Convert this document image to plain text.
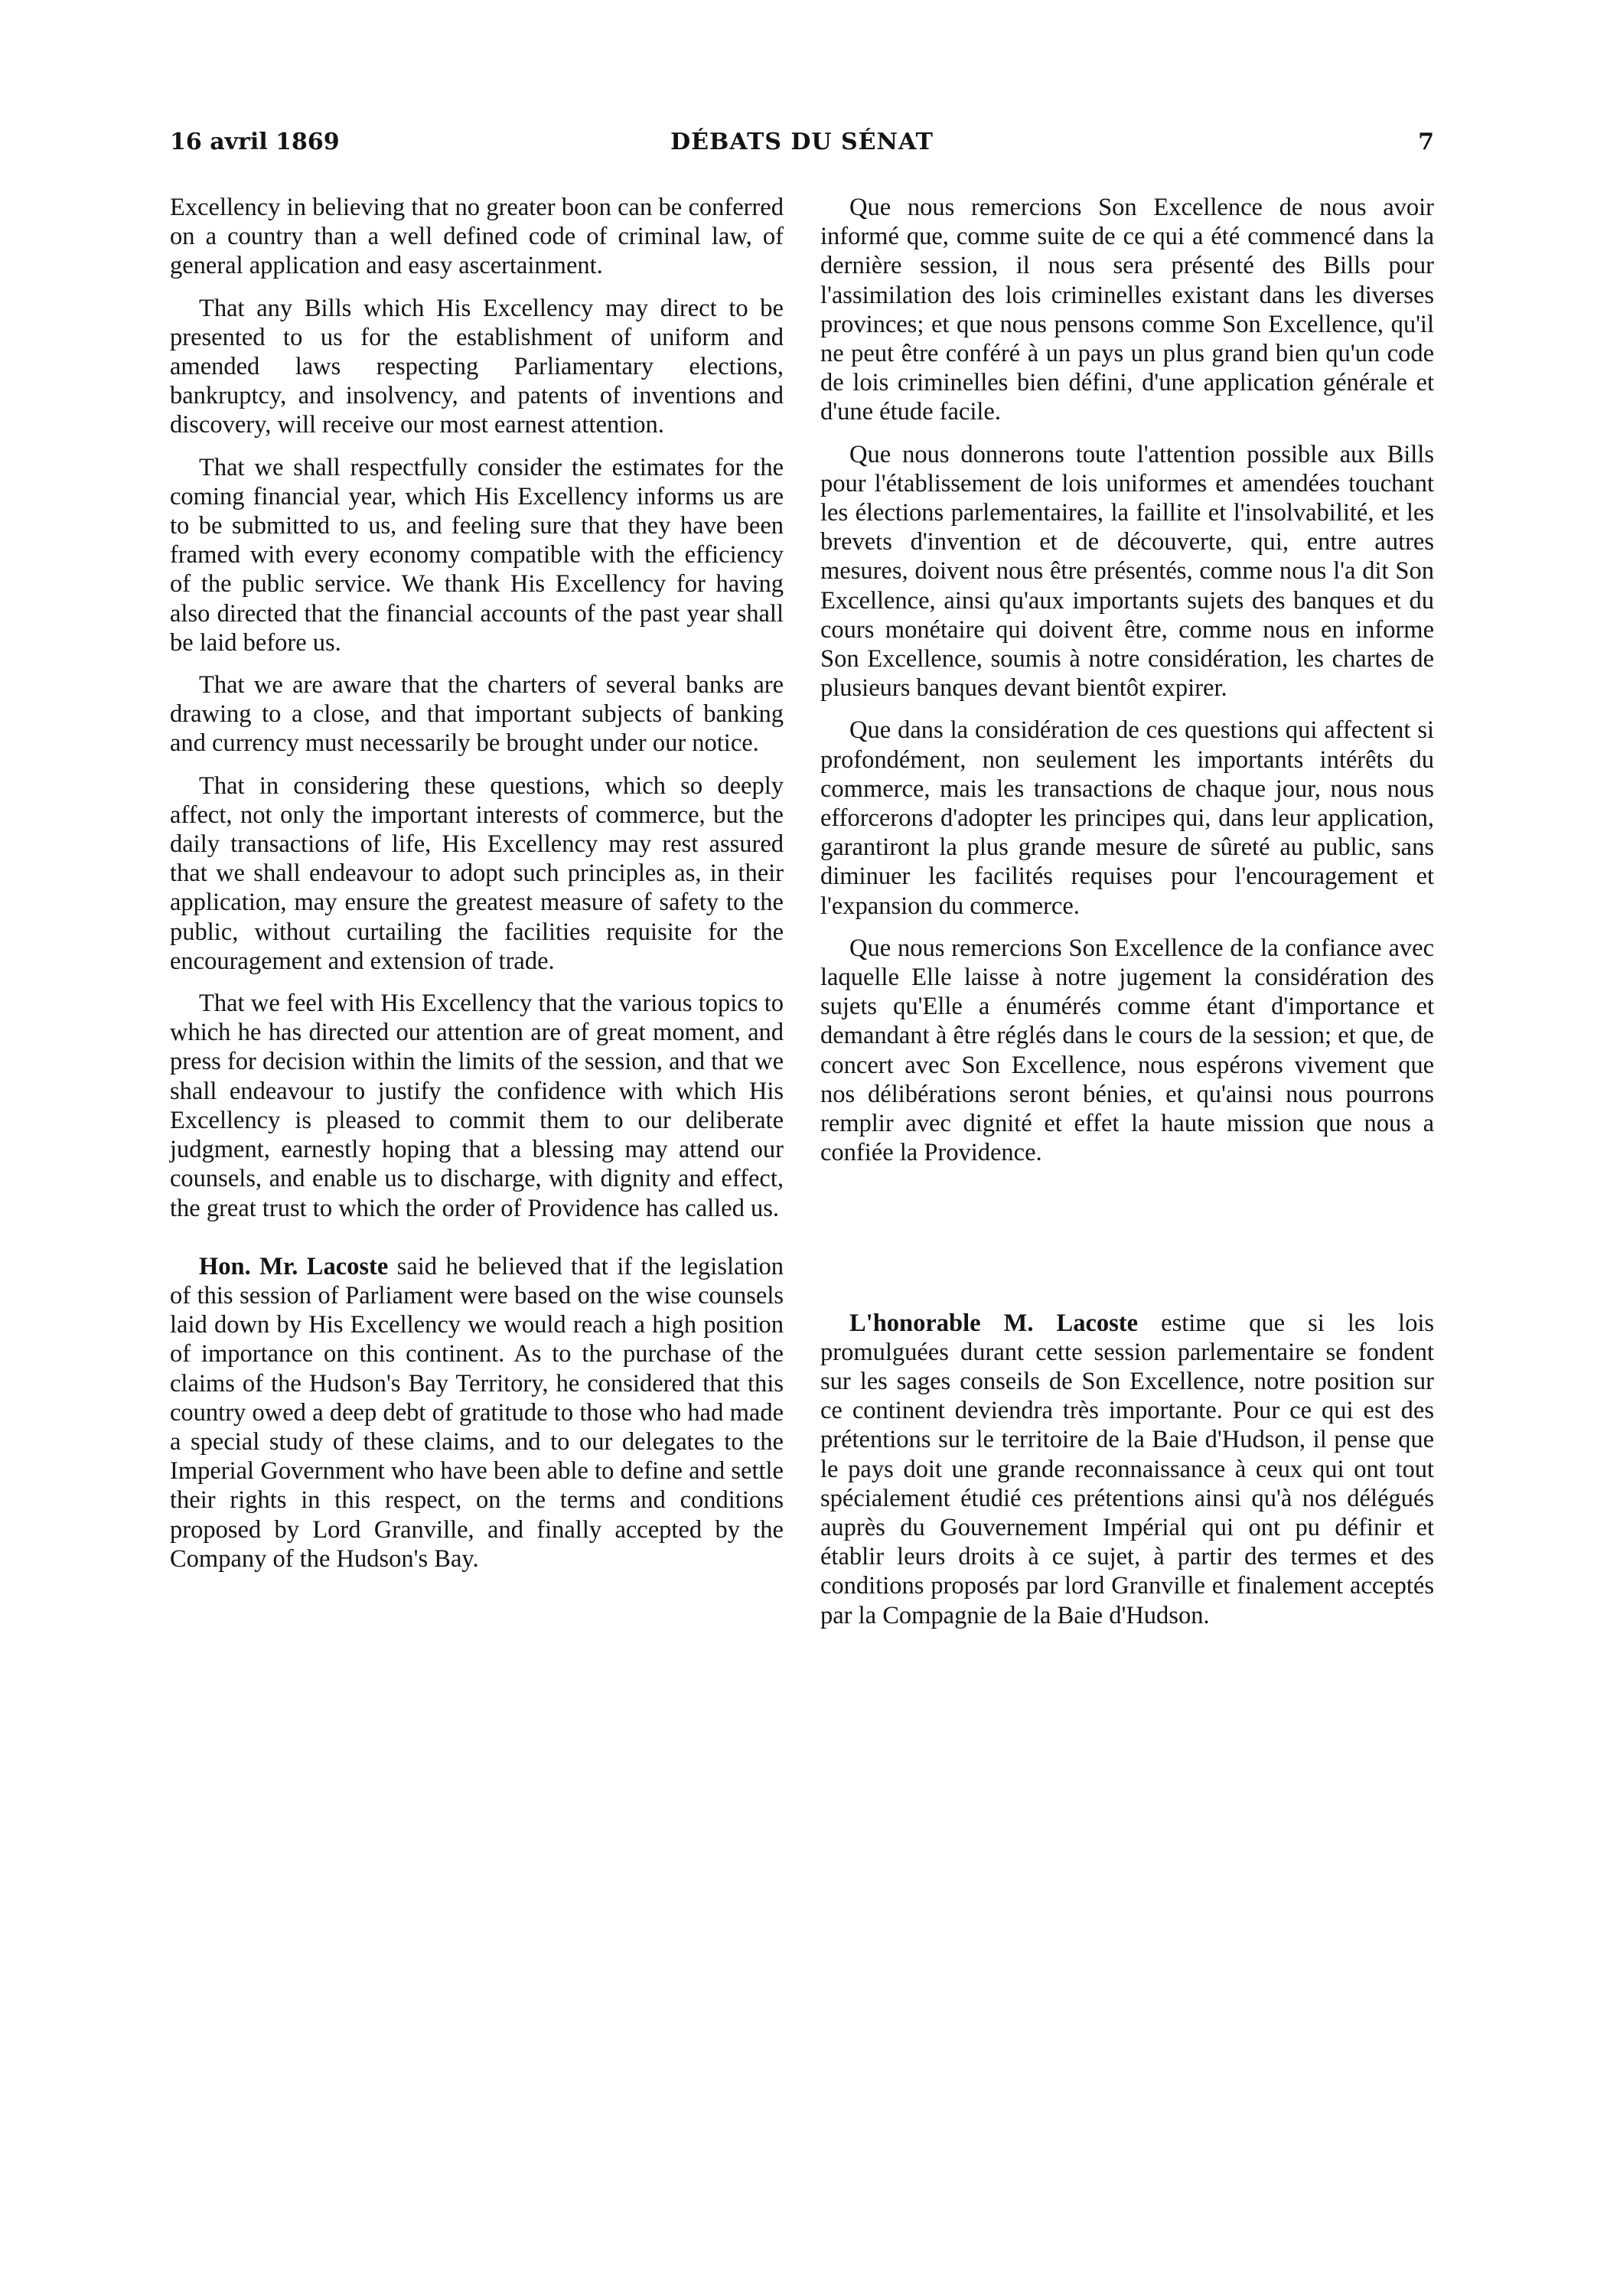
16 avril 1869	DÉBATS DU SÉNAT	7

Excellency in believing that no greater boon can be conferred on a country than a well defined code of criminal law, of general application and easy ascertainment.

That any Bills which His Excellency may direct to be presented to us for the establishment of uniform and amended laws respecting Parliamentary elections, bankruptcy, and insolvency, and patents of inventions and discovery, will receive our most earnest attention.

That we shall respectfully consider the estimates for the coming financial year, which His Excellency informs us are to be submitted to us, and feeling sure that they have been framed with every economy compatible with the efficiency of the public service. We thank His Excellency for having also directed that the financial accounts of the past year shall be laid before us.

That we are aware that the charters of several banks are drawing to a close, and that important subjects of banking and currency must necessarily be brought under our notice.

That in considering these questions, which so deeply affect, not only the important interests of commerce, but the daily transactions of life, His Excellency may rest assured that we shall endeavour to adopt such principles as, in their application, may ensure the greatest measure of safety to the public, without curtailing the facilities requisite for the encouragement and extension of trade.

That we feel with His Excellency that the various topics to which he has directed our attention are of great moment, and press for decision within the limits of the session, and that we shall endeavour to justify the confidence with which His Excellency is pleased to commit them to our deliberate judgment, earnestly hoping that a blessing may attend our counsels, and enable us to discharge, with dignity and effect, the great trust to which the order of Providence has called us.

Hon. Mr. Lacoste said he believed that if the legislation of this session of Parliament were based on the wise counsels laid down by His Excellency we would reach a high position of importance on this continent. As to the purchase of the claims of the Hudson's Bay Territory, he considered that this country owed a deep debt of gratitude to those who had made a special study of these claims, and to our delegates to the Imperial Government who have been able to define and settle their rights in this respect, on the terms and conditions proposed by Lord Granville, and finally accepted by the Company of the Hudson's Bay.

Que nous remercions Son Excellence de nous avoir informé que, comme suite de ce qui a été commencé dans la dernière session, il nous sera présenté des Bills pour l'assimilation des lois criminelles existant dans les diverses provinces; et que nous pensons comme Son Excellence, qu'il ne peut être conféré à un pays un plus grand bien qu'un code de lois criminelles bien défini, d'une application générale et d'une étude facile.

Que nous donnerons toute l'attention possible aux Bills pour l'établissement de lois uniformes et amendées touchant les élections parlementaires, la faillite et l'insolvabilité, et les brevets d'invention et de découverte, qui, entre autres mesures, doivent nous être présentés, comme nous l'a dit Son Excellence, ainsi qu'aux importants sujets des banques et du cours monétaire qui doivent être, comme nous en informe Son Excellence, soumis à notre considération, les chartes de plusieurs banques devant bientôt expirer.

Que dans la considération de ces questions qui affectent si profondément, non seulement les importants intérêts du commerce, mais les transactions de chaque jour, nous nous efforcerons d'adopter les principes qui, dans leur application, garantiront la plus grande mesure de sûreté au public, sans diminuer les facilités requises pour l'encouragement et l'expansion du commerce.

Que nous remercions Son Excellence de la confiance avec laquelle Elle laisse à notre jugement la considération des sujets qu'Elle a énumérés comme étant d'importance et demandant à être réglés dans le cours de la session; et que, de concert avec Son Excellence, nous espérons vivement que nos délibérations seront bénies, et qu'ainsi nous pourrons remplir avec dignité et effet la haute mission que nous a confiée la Providence.

L'honorable M. Lacoste estime que si les lois promulguées durant cette session parlementaire se fondent sur les sages conseils de Son Excellence, notre position sur ce continent deviendra très importante. Pour ce qui est des prétentions sur le territoire de la Baie d'Hudson, il pense que le pays doit une grande reconnaissance à ceux qui ont tout spécialement étudié ces prétentions ainsi qu'à nos délégués auprès du Gouvernement Impérial qui ont pu définir et établir leurs droits à ce sujet, à partir des termes et des conditions proposés par lord Granville et finalement acceptés par la Compagnie de la Baie d'Hudson.
